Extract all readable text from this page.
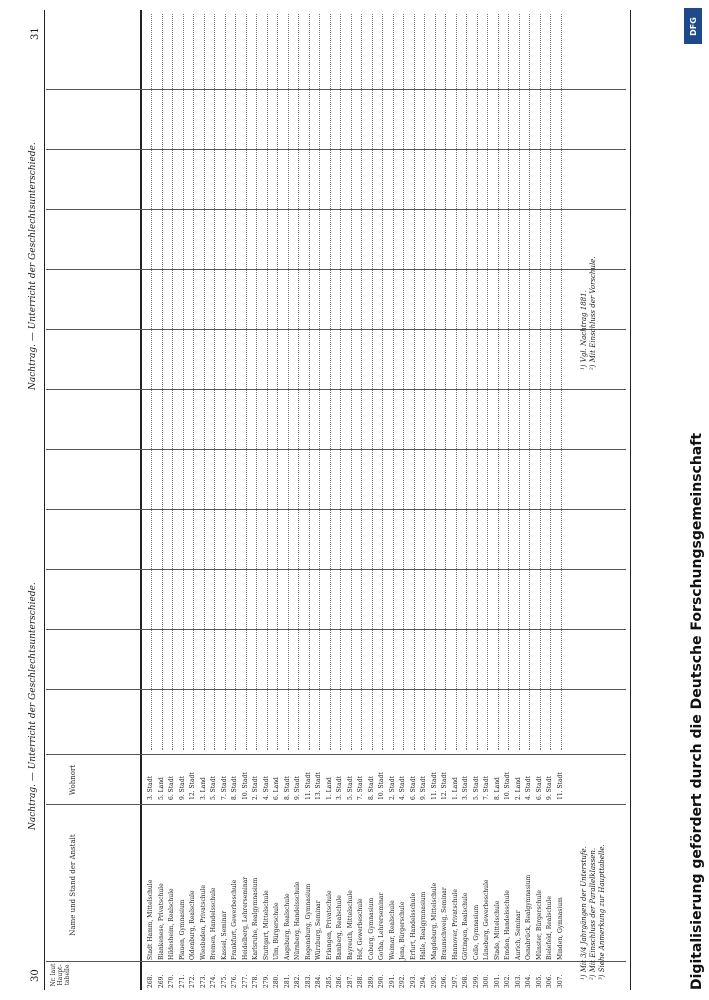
30
Nachtrag. — Unterricht der Geschlechtsunterschiede.
Nachtrag. — Unterricht der Geschlechtsunterschiede.
31
Nr. laut Haupt- tabelle
Name und Stand der Anstalt
Wohnort
268.
Stadt Hamm, Mittelschule
3. Stadt
269.
Blankenese, Privatschule
5. Land
270.
Hildesheim, Realschule
6. Stadt
271.
Plauen, Gymnasium
9. Stadt
272.
Oldenburg, Realschule
12. Stadt
273.
Wiesbaden, Privatschule
3. Land
274.
Bremen, Handelsschule
5. Stadt
275.
Kassel, Seminar
7. Stadt
276.
Frankfurt, Gewerbeschule
8. Stadt
277.
Heidelberg, Lehrerseminar
10. Stadt
278.
Karlsruhe, Realgymnasium
2. Stadt
279.
Stuttgart, Mittelschule
4. Stadt
280.
Ulm, Bürgerschule
6. Land
281.
Augsburg, Realschule
8. Stadt
282.
Nürnberg, Handelsschule
9. Stadt
283.
Regensburg, Gymnasium
11. Stadt
284.
Würzburg, Seminar
13. Stadt
285.
Erlangen, Privatschule
1. Land
286.
Bamberg, Realschule
3. Stadt
287.
Bayreuth, Mittelschule
5. Stadt
288.
Hof, Gewerbeschule
7. Stadt
289.
Coburg, Gymnasium
8. Stadt
290.
Gotha, Lehrerseminar
10. Stadt
291.
Weimar, Realschule
2. Stadt
292.
Jena, Bürgerschule
4. Stadt
293.
Erfurt, Handelsschule
6. Stadt
294.
Halle, Realgymnasium
9. Stadt
295.
Magdeburg, Mittelschule
11. Stadt
296.
Braunschweig, Seminar
12. Stadt
297.
Hannover, Privatschule
1. Land
298.
Göttingen, Realschule
3. Stadt
299.
Celle, Gymnasium
5. Stadt
300.
Lüneburg, Gewerbeschule
7. Stadt
301.
Stade, Mittelschule
8. Land
302.
Emden, Handelsschule
10. Stadt
303.
Aurich, Seminar
2. Land
304.
Osnabrück, Realgymnasium
4. Stadt
305.
Münster, Bürgerschule
6. Stadt
306.
Bielefeld, Realschule
9. Stadt
307.
Minden, Gymnasium
11. Stadt
¹) Mit 3/4 Jahrgängen der Unterstufe. ²) Mit Einschluss der Parallelklassen. ³) Siehe Anmerkung zur Haupttabelle.
¹) Vgl. Nachtrag 1881. ²) Mit Einschluss der Vorschule.
DFG
Digitalisierung gefördert durch die Deutsche Forschungsgemeinschaft
